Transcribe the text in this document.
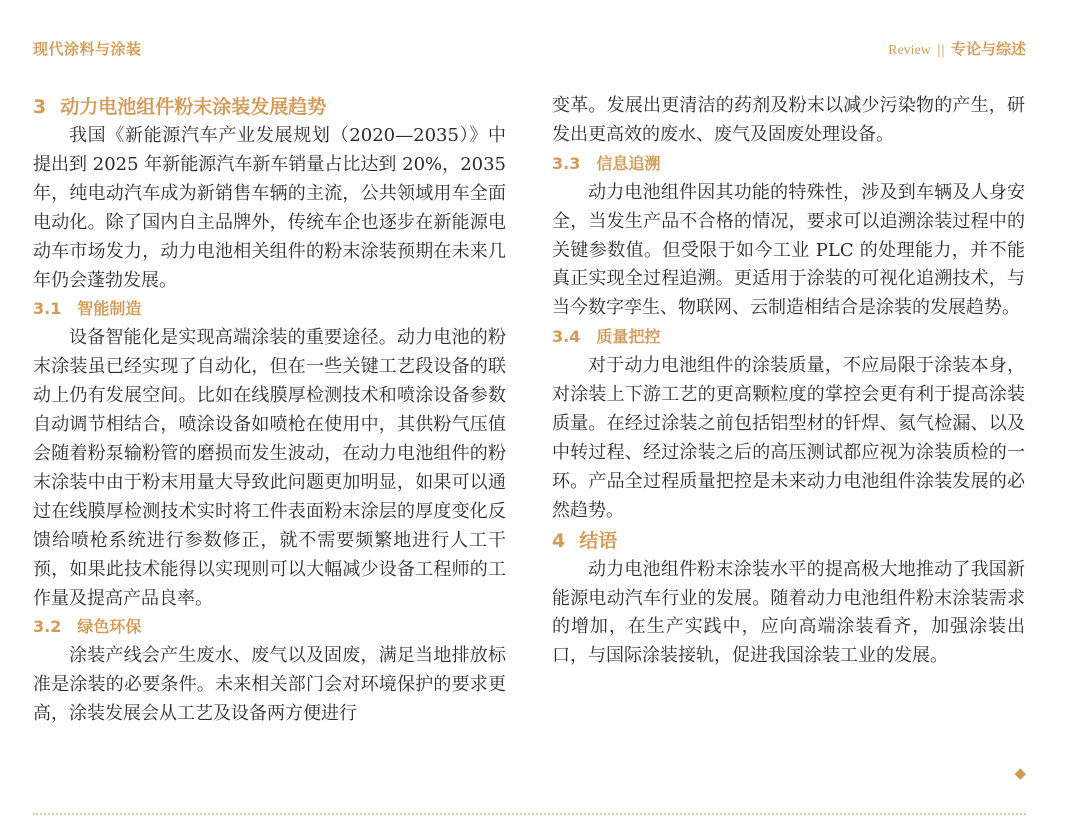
现代涂料与涂装	Review || 专论与综述
3 动力电池组件粉末涂装发展趋势

我国《新能源汽车产业发展规划（2020—2035）》中提出到 2025 年新能源汽车新车销量占比达到 20%，2035 年，纯电动汽车成为新销售车辆的主流，公共领域用车全面电动化。除了国内自主品牌外，传统车企也逐步在新能源电动车市场发力，动力电池相关组件的粉末涂装预期在未来几年仍会蓬勃发展。

3.1 智能制造

设备智能化是实现高端涂装的重要途径。动力电池的粉末涂装虽已经实现了自动化，但在一些关键工艺段设备的联动上仍有发展空间。比如在线膜厚检测技术和喷涂设备参数自动调节相结合，喷涂设备如喷枪在使用中，其供粉气压值会随着粉泵输粉管的磨损而发生波动，在动力电池组件的粉末涂装中由于粉末用量大导致此问题更加明显，如果可以通过在线膜厚检测技术实时将工件表面粉末涂层的厚度变化反馈给喷枪系统进行参数修正，就不需要频繁地进行人工干预，如果此技术能得以实现则可以大幅减少设备工程师的工作量及提高产品良率。

3.2 绿色环保

涂装产线会产生废水、废气以及固废，满足当地排放标准是涂装的必要条件。未来相关部门会对环境保护的要求更高，涂装发展会从工艺及设备两方便进行

变革。发展出更清洁的药剂及粉末以减少污染物的产生，研发出更高效的废水、废气及固废处理设备。

3.3 信息追溯

动力电池组件因其功能的特殊性，涉及到车辆及人身安全，当发生产品不合格的情况，要求可以追溯涂装过程中的关键参数值。但受限于如今工业 PLC 的处理能力，并不能真正实现全过程追溯。更适用于涂装的可视化追溯技术，与当今数字孪生、物联网、云制造相结合是涂装的发展趋势。

3.4 质量把控

对于动力电池组件的涂装质量，不应局限于涂装本身，对涂装上下游工艺的更高颗粒度的掌控会更有利于提高涂装质量。在经过涂装之前包括铝型材的钎焊、氦气检漏、以及中转过程、经过涂装之后的高压测试都应视为涂装质检的一环。产品全过程质量把控是未来动力电池组件涂装发展的必然趋势。

4 结语

动力电池组件粉末涂装水平的提高极大地推动了我国新能源电动汽车行业的发展。随着动力电池组件粉末涂装需求的增加，在生产实践中，应向高端涂装看齐，加强涂装出口，与国际涂装接轨，促进我国涂装工业的发展。

◆
